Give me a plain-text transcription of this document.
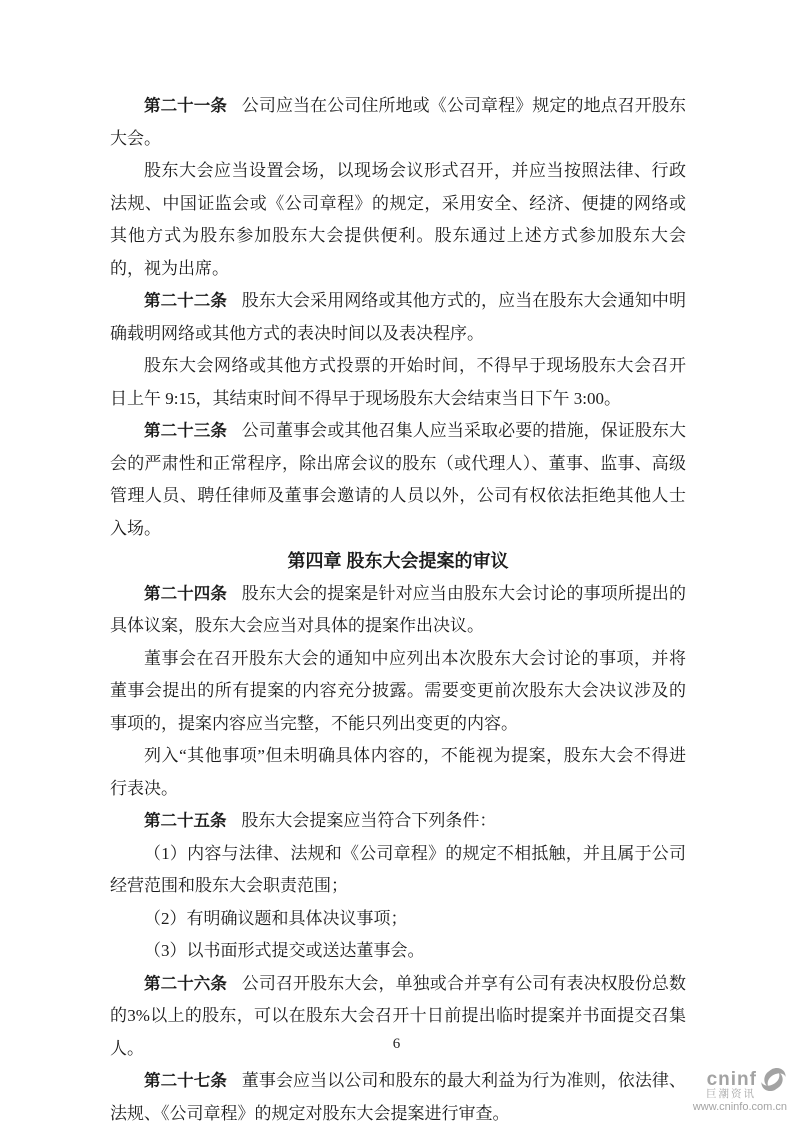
第二十一条 公司应当在公司住所地或《公司章程》规定的地点召开股东大会。

股东大会应当设置会场，以现场会议形式召开，并应当按照法律、行政法规、中国证监会或《公司章程》的规定，采用安全、经济、便捷的网络或其他方式为股东参加股东大会提供便利。股东通过上述方式参加股东大会的，视为出席。

第二十二条 股东大会采用网络或其他方式的，应当在股东大会通知中明确载明网络或其他方式的表决时间以及表决程序。

股东大会网络或其他方式投票的开始时间，不得早于现场股东大会召开日上午 9:15，其结束时间不得早于现场股东大会结束当日下午 3:00。

第二十三条 公司董事会或其他召集人应当采取必要的措施，保证股东大会的严肃性和正常程序，除出席会议的股东（或代理人）、董事、监事、高级管理人员、聘任律师及董事会邀请的人员以外，公司有权依法拒绝其他人士入场。

第四章 股东大会提案的审议

第二十四条 股东大会的提案是针对应当由股东大会讨论的事项所提出的具体议案，股东大会应当对具体的提案作出决议。

董事会在召开股东大会的通知中应列出本次股东大会讨论的事项，并将董事会提出的所有提案的内容充分披露。需要变更前次股东大会决议涉及的事项的，提案内容应当完整，不能只列出变更的内容。

列入“其他事项”但未明确具体内容的，不能视为提案，股东大会不得进行表决。

第二十五条 股东大会提案应当符合下列条件：

（1）内容与法律、法规和《公司章程》的规定不相抵触，并且属于公司经营范围和股东大会职责范围；

（2）有明确议题和具体决议事项；

（3）以书面形式提交或送达董事会。

第二十六条 公司召开股东大会，单独或合并享有公司有表决权股份总数的3%以上的股东，可以在股东大会召开十日前提出临时提案并书面提交召集人。

第二十七条 董事会应当以公司和股东的最大利益为行为准则，依法律、法规、《公司章程》的规定对股东大会提案进行审查。

6
cninf
巨潮资讯
www.cninfo.com.cn
